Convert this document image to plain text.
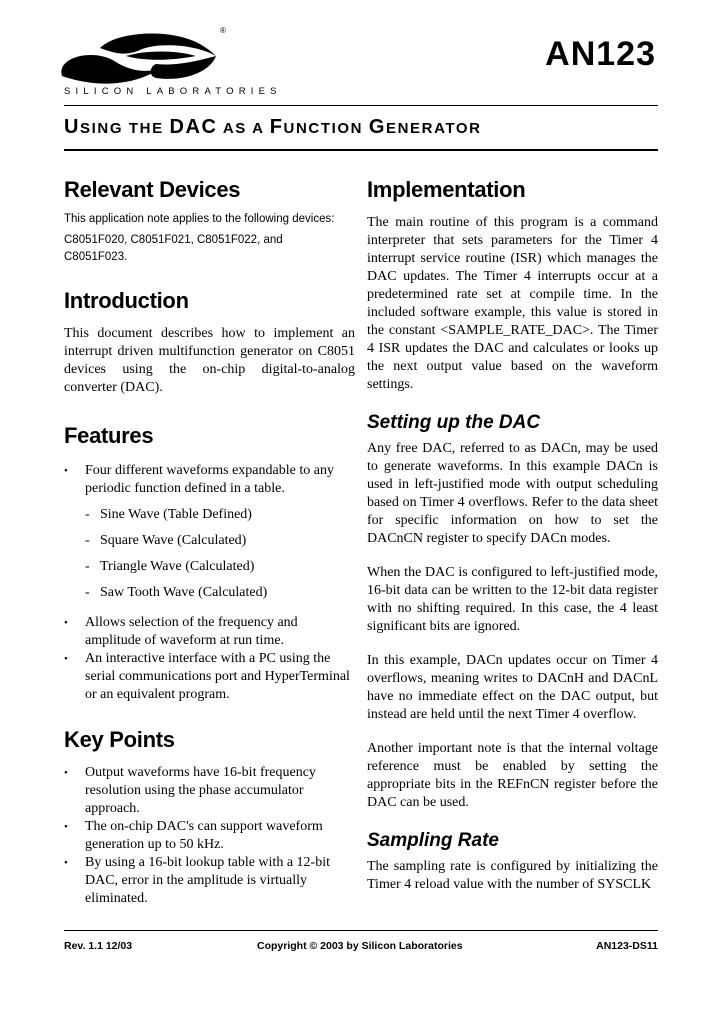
®
SILICON LABORATORIES
AN123
USING THE DAC AS A FUNCTION GENERATOR
Relevant Devices

This application note applies to the following devices:

C8051F020, C8051F021, C8051F022, and C8051F023.

Introduction

This document describes how to implement an interrupt driven multifunction generator on C8051 devices using the on-chip digital-to-analog converter (DAC).

Features
• Four different waveforms expandable to any periodic function defined in a table.
- Sine Wave (Table Defined)
- Square Wave (Calculated)
- Triangle Wave (Calculated)
- Saw Tooth Wave (Calculated)
• Allows selection of the frequency and amplitude of waveform at run time.
• An interactive interface with a PC using the serial communications port and HyperTerminal or an equivalent program.
Key Points
• Output waveforms have 16-bit frequency resolution using the phase accumulator approach.
• The on-chip DAC's can support waveform generation up to 50 kHz.
• By using a 16-bit lookup table with a 12-bit DAC, error in the amplitude is virtually eliminated.
Implementation

The main routine of this program is a command interpreter that sets parameters for the Timer 4 interrupt service routine (ISR) which manages the DAC updates. The Timer 4 interrupts occur at a predetermined rate set at compile time. In the included software example, this value is stored in the constant <SAMPLE_RATE_DAC>. The Timer 4 ISR updates the DAC and calculates or looks up the next output value based on the waveform settings.

Setting up the DAC

Any free DAC, referred to as DACn, may be used to generate waveforms. In this example DACn is used in left-justified mode with output scheduling based on Timer 4 overflows. Refer to the data sheet for specific information on how to set the DACnCN register to specify DACn modes.

When the DAC is configured to left-justified mode, 16-bit data can be written to the 12-bit data register with no shifting required. In this case, the 4 least significant bits are ignored.

In this example, DACn updates occur on Timer 4 overflows, meaning writes to DACnH and DACnL have no immediate effect on the DAC output, but instead are held until the next Timer 4 overflow.

Another important note is that the internal voltage reference must be enabled by setting the appropriate bits in the REFnCN register before the DAC can be used.

Sampling Rate

The sampling rate is configured by initializing the Timer 4 reload value with the number of SYSCLK

Rev. 1.1 12/03	Copyright © 2003 by Silicon Laboratories	AN123-DS11
